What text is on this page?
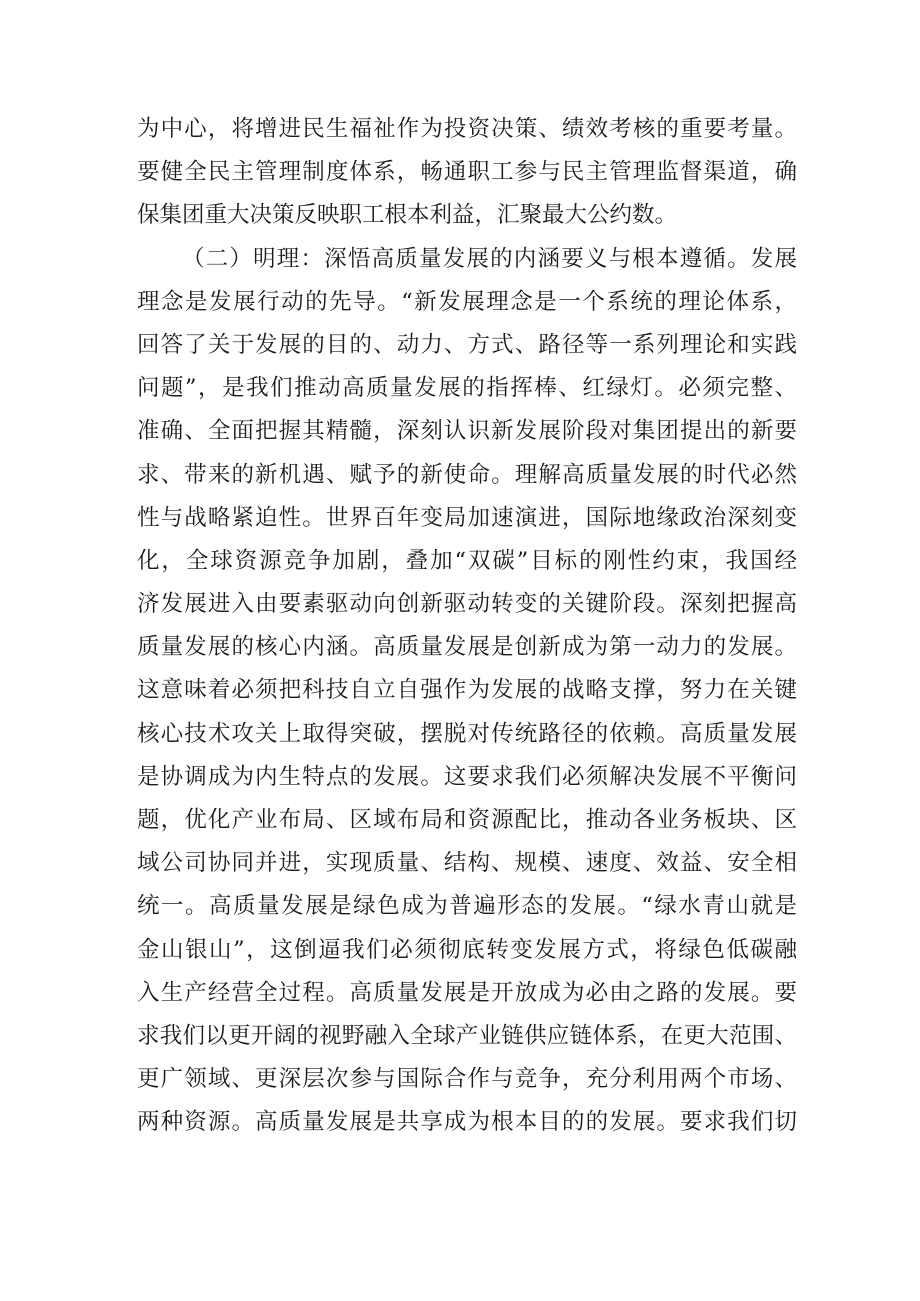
为中心，将增进民生福祉作为投资决策、绩效考核的重要考量。
要健全民主管理制度体系，畅通职工参与民主管理监督渠道，确
保集团重大决策反映职工根本利益，汇聚最大公约数。
（二）明理：深悟高质量发展的内涵要义与根本遵循。发展
理念是发展行动的先导。“新发展理念是一个系统的理论体系，
回答了关于发展的目的、动力、方式、路径等一系列理论和实践
问题”，是我们推动高质量发展的指挥棒、红绿灯。必须完整、
准确、全面把握其精髓，深刻认识新发展阶段对集团提出的新要
求、带来的新机遇、赋予的新使命。理解高质量发展的时代必然
性与战略紧迫性。世界百年变局加速演进，国际地缘政治深刻变
化，全球资源竞争加剧，叠加“双碳”目标的刚性约束，我国经
济发展进入由要素驱动向创新驱动转变的关键阶段。深刻把握高
质量发展的核心内涵。高质量发展是创新成为第一动力的发展。
这意味着必须把科技自立自强作为发展的战略支撑，努力在关键
核心技术攻关上取得突破，摆脱对传统路径的依赖。高质量发展
是协调成为内生特点的发展。这要求我们必须解决发展不平衡问
题，优化产业布局、区域布局和资源配比，推动各业务板块、区
域公司协同并进，实现质量、结构、规模、速度、效益、安全相
统一。高质量发展是绿色成为普遍形态的发展。“绿水青山就是
金山银山”，这倒逼我们必须彻底转变发展方式，将绿色低碳融
入生产经营全过程。高质量发展是开放成为必由之路的发展。要
求我们以更开阔的视野融入全球产业链供应链体系，在更大范围、
更广领域、更深层次参与国际合作与竞争，充分利用两个市场、
两种资源。高质量发展是共享成为根本目的的发展。要求我们切
